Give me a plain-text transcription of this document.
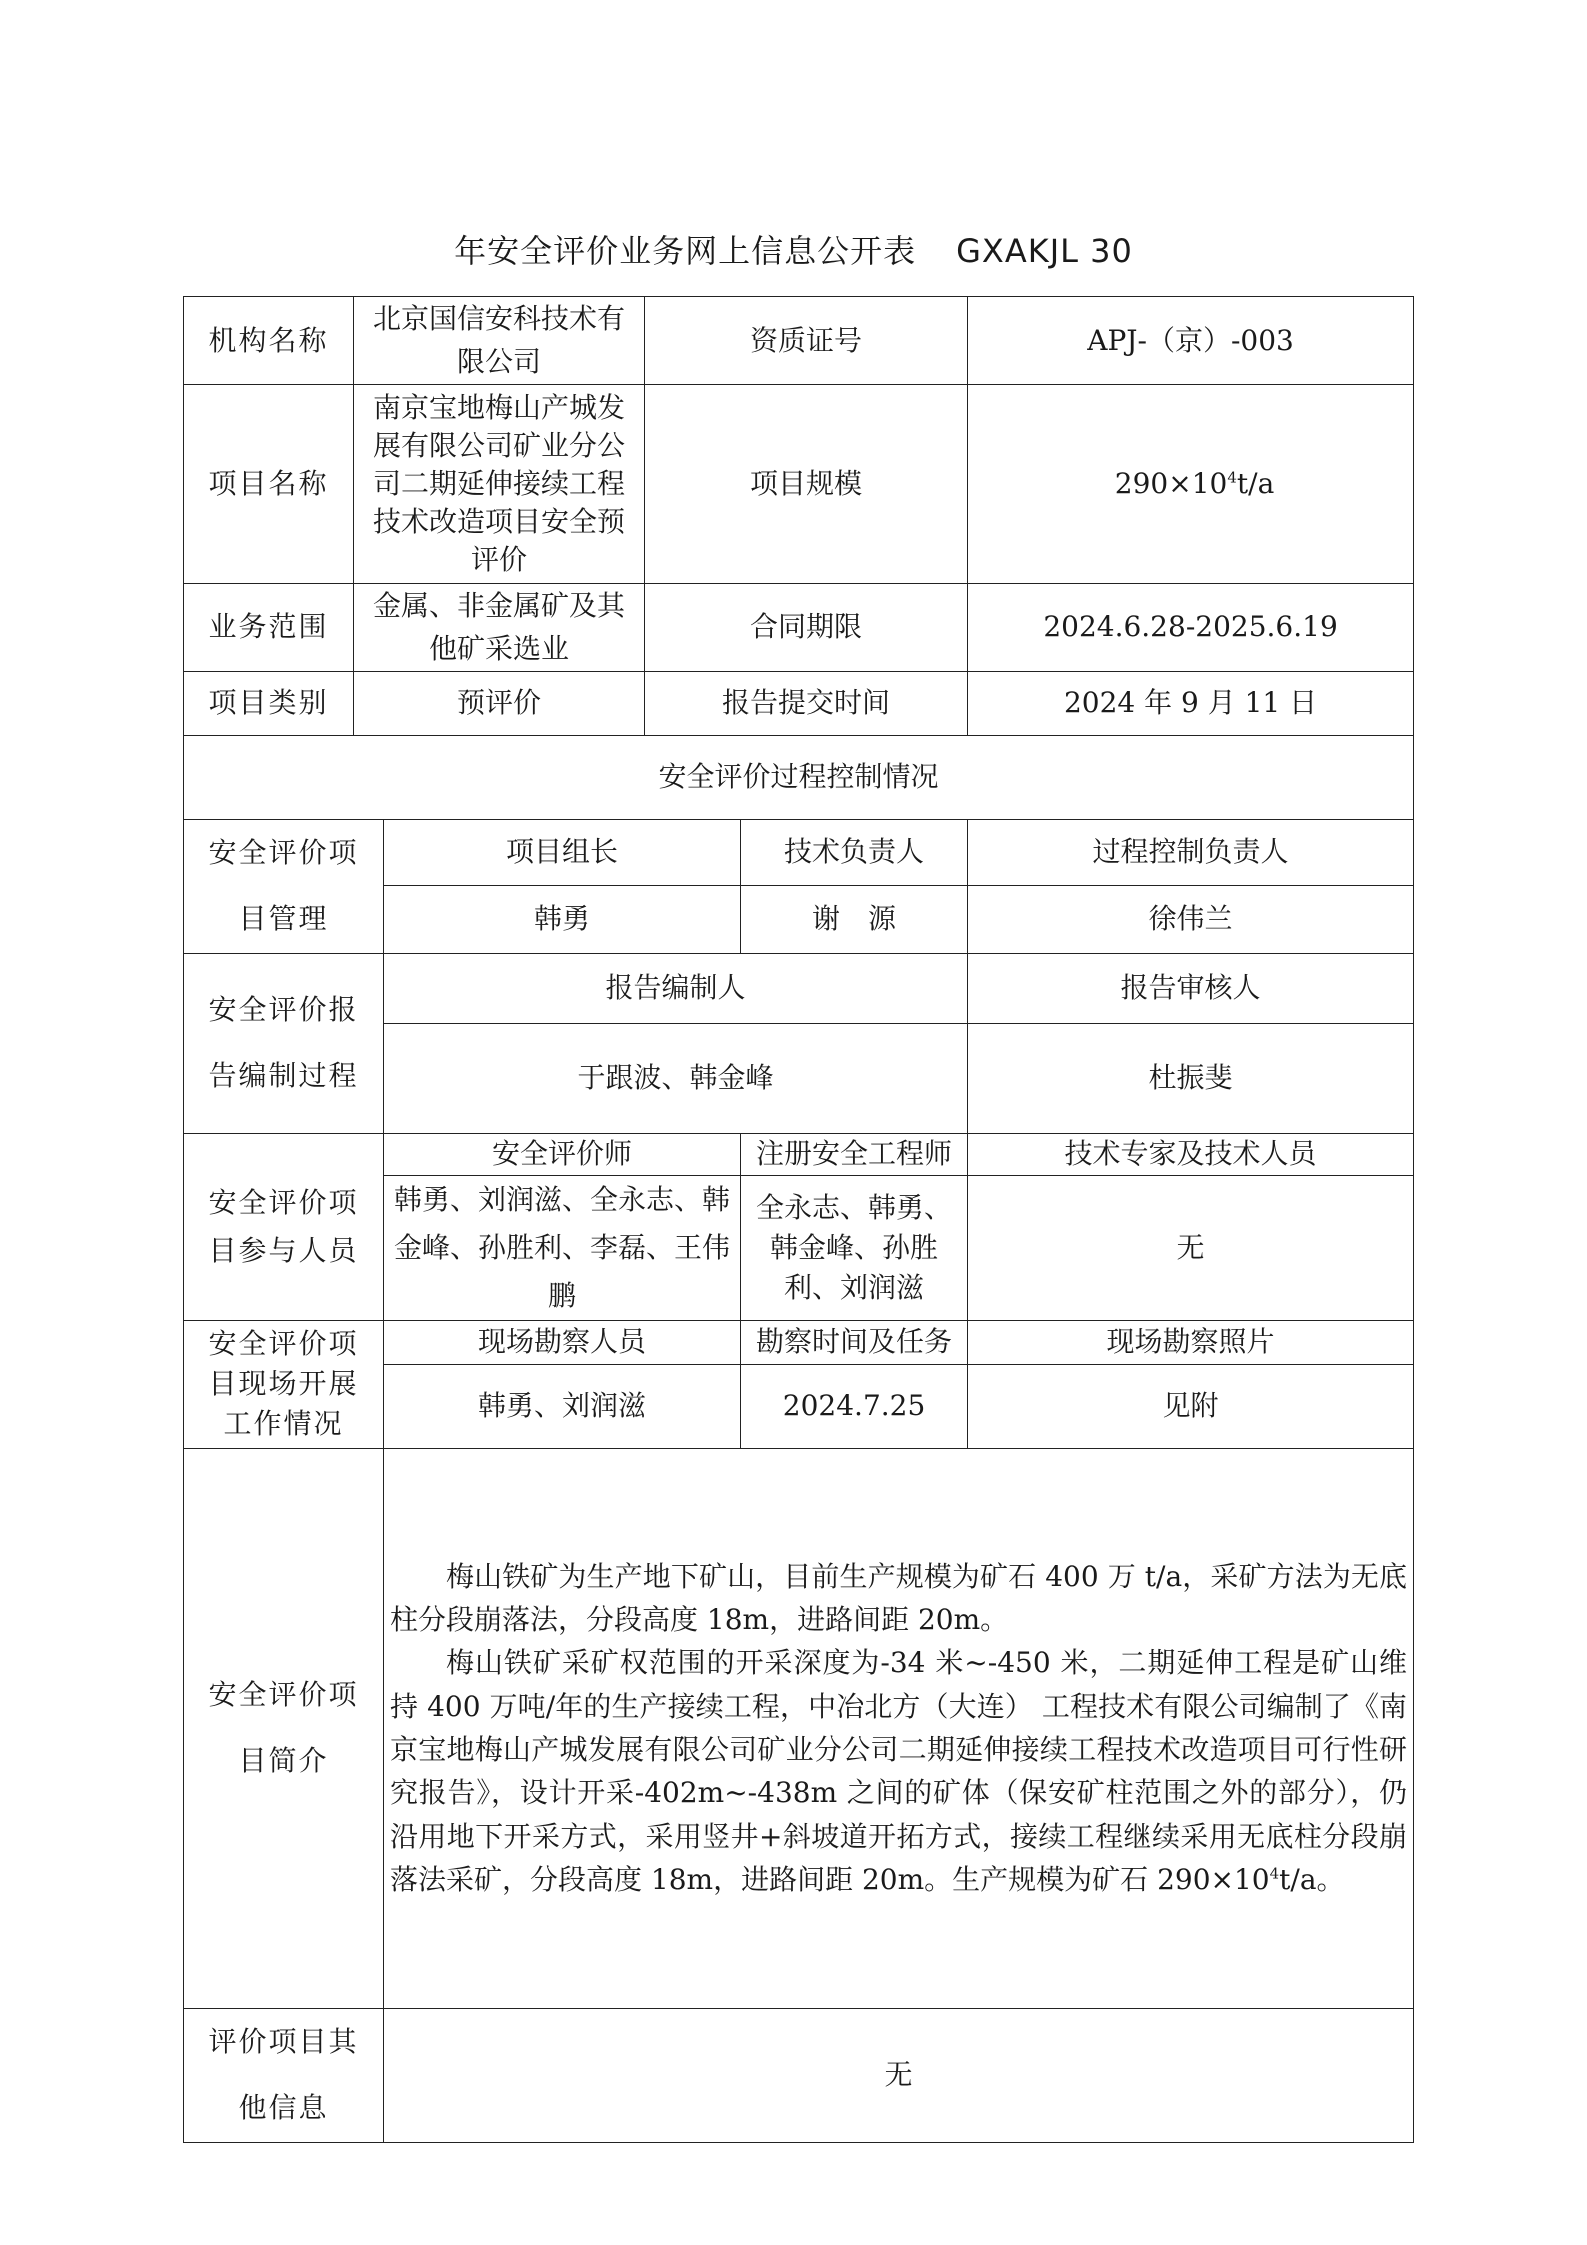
年安全评价业务网上信息公开表 GXAKJL 30
机构名称	北京国信安科技术有限公司		资质证号		APJ-（京）-003
项目名称	南京宝地梅山产城发展有限公司矿业分公司二期延伸接续工程技术改造项目安全预评价		项目规模		$290\times 10^4t/a$
业务范围	金属、非金属矿及其他矿采选业		合同期限		2024.6.28-2025.6.19
项目类别	预评价		报告提交时间		2024 年 9 月 11 日
安全评价过程控制情况					
安全评价项目管理		项目组长		技术负责人	过程控制负责人
		韩勇		谢　源	徐伟兰
安全评价报告编制过程		报告编制人			报告审核人
		于跟波、韩金峰			杜振斐
安全评价项目参与人员		安全评价师		注册安全工程师	技术专家及技术人员
		韩勇、刘润滋、全永志、韩金峰、孙胜利、李磊、王伟鹏		全永志、韩勇、韩金峰、孙胜利、刘润滋	无
安全评价项目现场开展工作情况		现场勘察人员		勘察时间及任务	现场勘察照片
		韩勇、刘润滋		2024.7.25	见附
安全评价项目简介		梅山铁矿为生产地下矿山，目前生产规模为矿石 400 万 t/a，采矿方法为无底柱分段崩落法，分段高度 18m，进路间距 20m。

梅山铁矿采矿权范围的开采深度为-34 米~-450 米，二期延伸工程是矿山维持 400 万吨/年的生产接续工程，中冶北方（大连） 工程技术有限公司编制了《南京宝地梅山产城发展有限公司矿业分公司二期延伸接续工程技术改造项目可行性研究报告》，设计开采-402m~-438m 之间的矿体（保安矿柱范围之外的部分），仍沿用地下开采方式，采用竖井+斜坡道开拓方式，接续工程继续采用无底柱分段崩落法采矿，分段高度 18m，进路间距 20m。生产规模为矿石 $290\times 10^4t/a$。			

评价项目其他信息		无			
